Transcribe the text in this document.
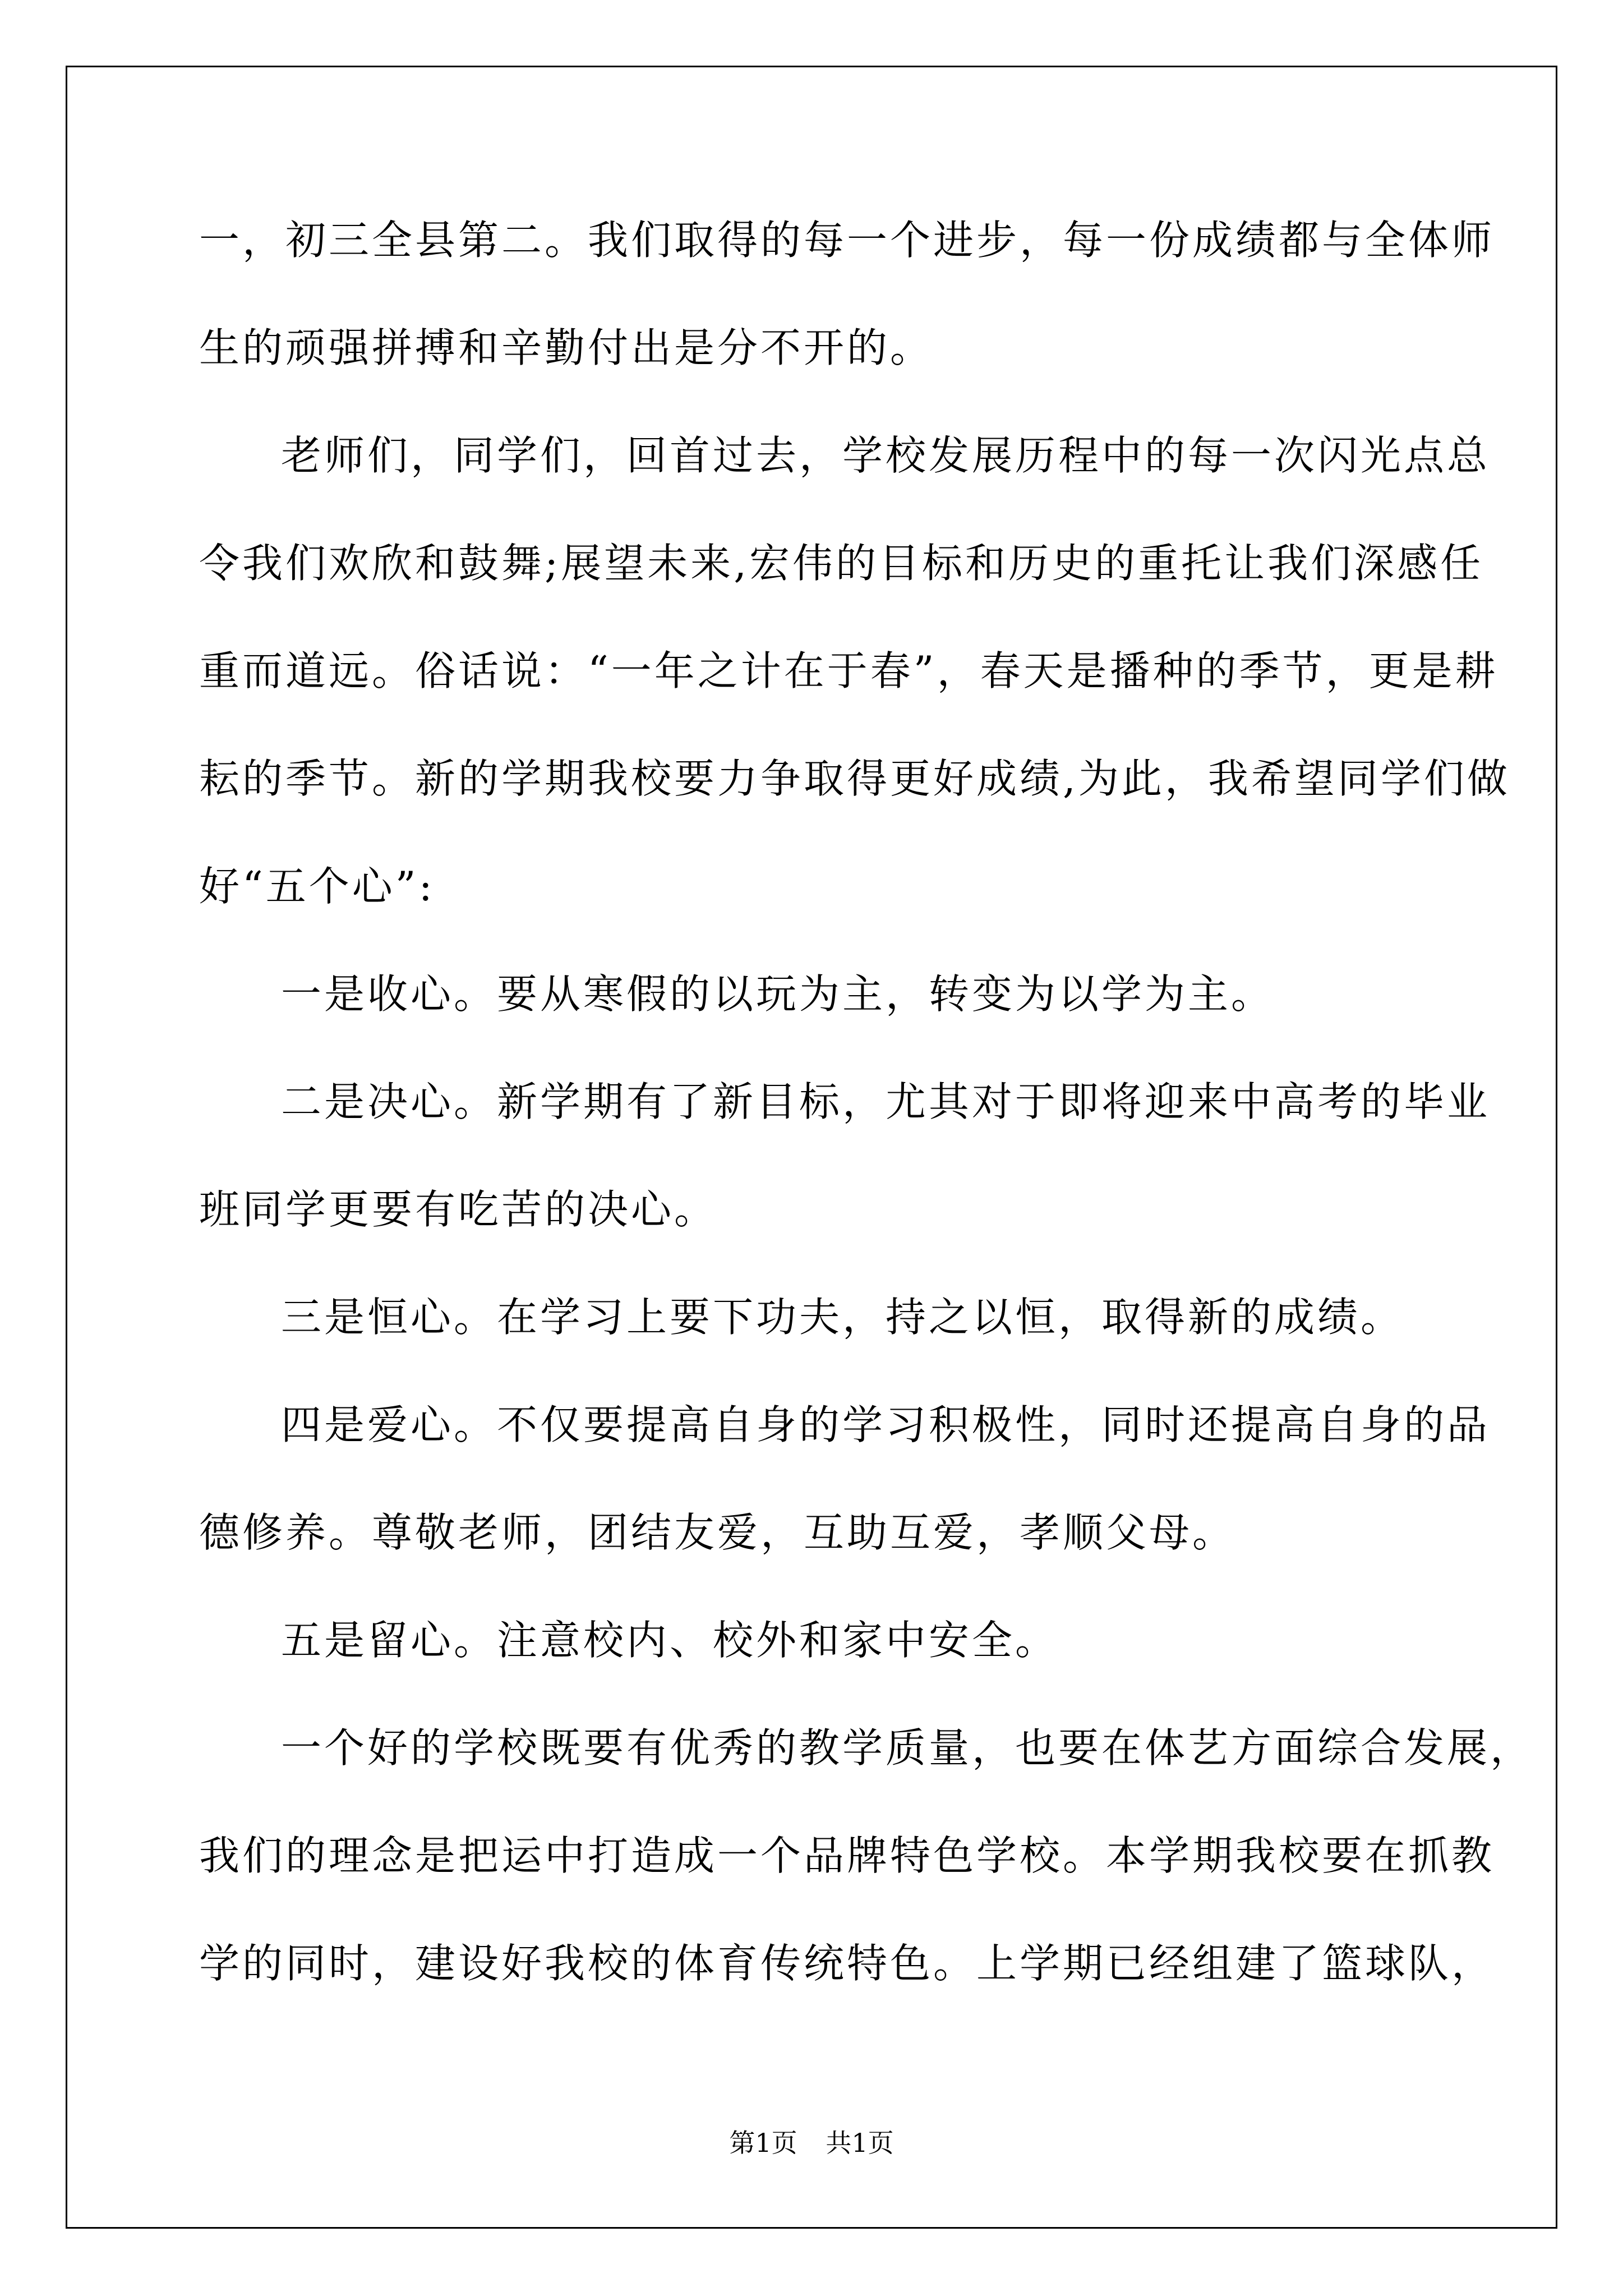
一，初三全县第二。我们取得的每一个进步，每一份成绩都与全体师
生的顽强拼搏和辛勤付出是分不开的。
老师们，同学们，回首过去，学校发展历程中的每一次闪光点总
令我们欢欣和鼓舞;展望未来,宏伟的目标和历史的重托让我们深感任
重而道远。俗话说：“一年之计在于春”，春天是播种的季节，更是耕
耘的季节。新的学期我校要力争取得更好成绩,为此，我希望同学们做
好“五个心”:
一是收心。要从寒假的以玩为主，转变为以学为主。
二是决心。新学期有了新目标，尤其对于即将迎来中高考的毕业
班同学更要有吃苦的决心。
三是恒心。在学习上要下功夫，持之以恒，取得新的成绩。
四是爱心。不仅要提高自身的学习积极性，同时还提高自身的品
德修养。尊敬老师，团结友爱，互助互爱，孝顺父母。
五是留心。注意校内、校外和家中安全。
一个好的学校既要有优秀的教学质量，也要在体艺方面综合发展，
我们的理念是把运中打造成一个品牌特色学校。本学期我校要在抓教
学的同时，建设好我校的体育传统特色。上学期已经组建了篮球队，
第1页 共1页
